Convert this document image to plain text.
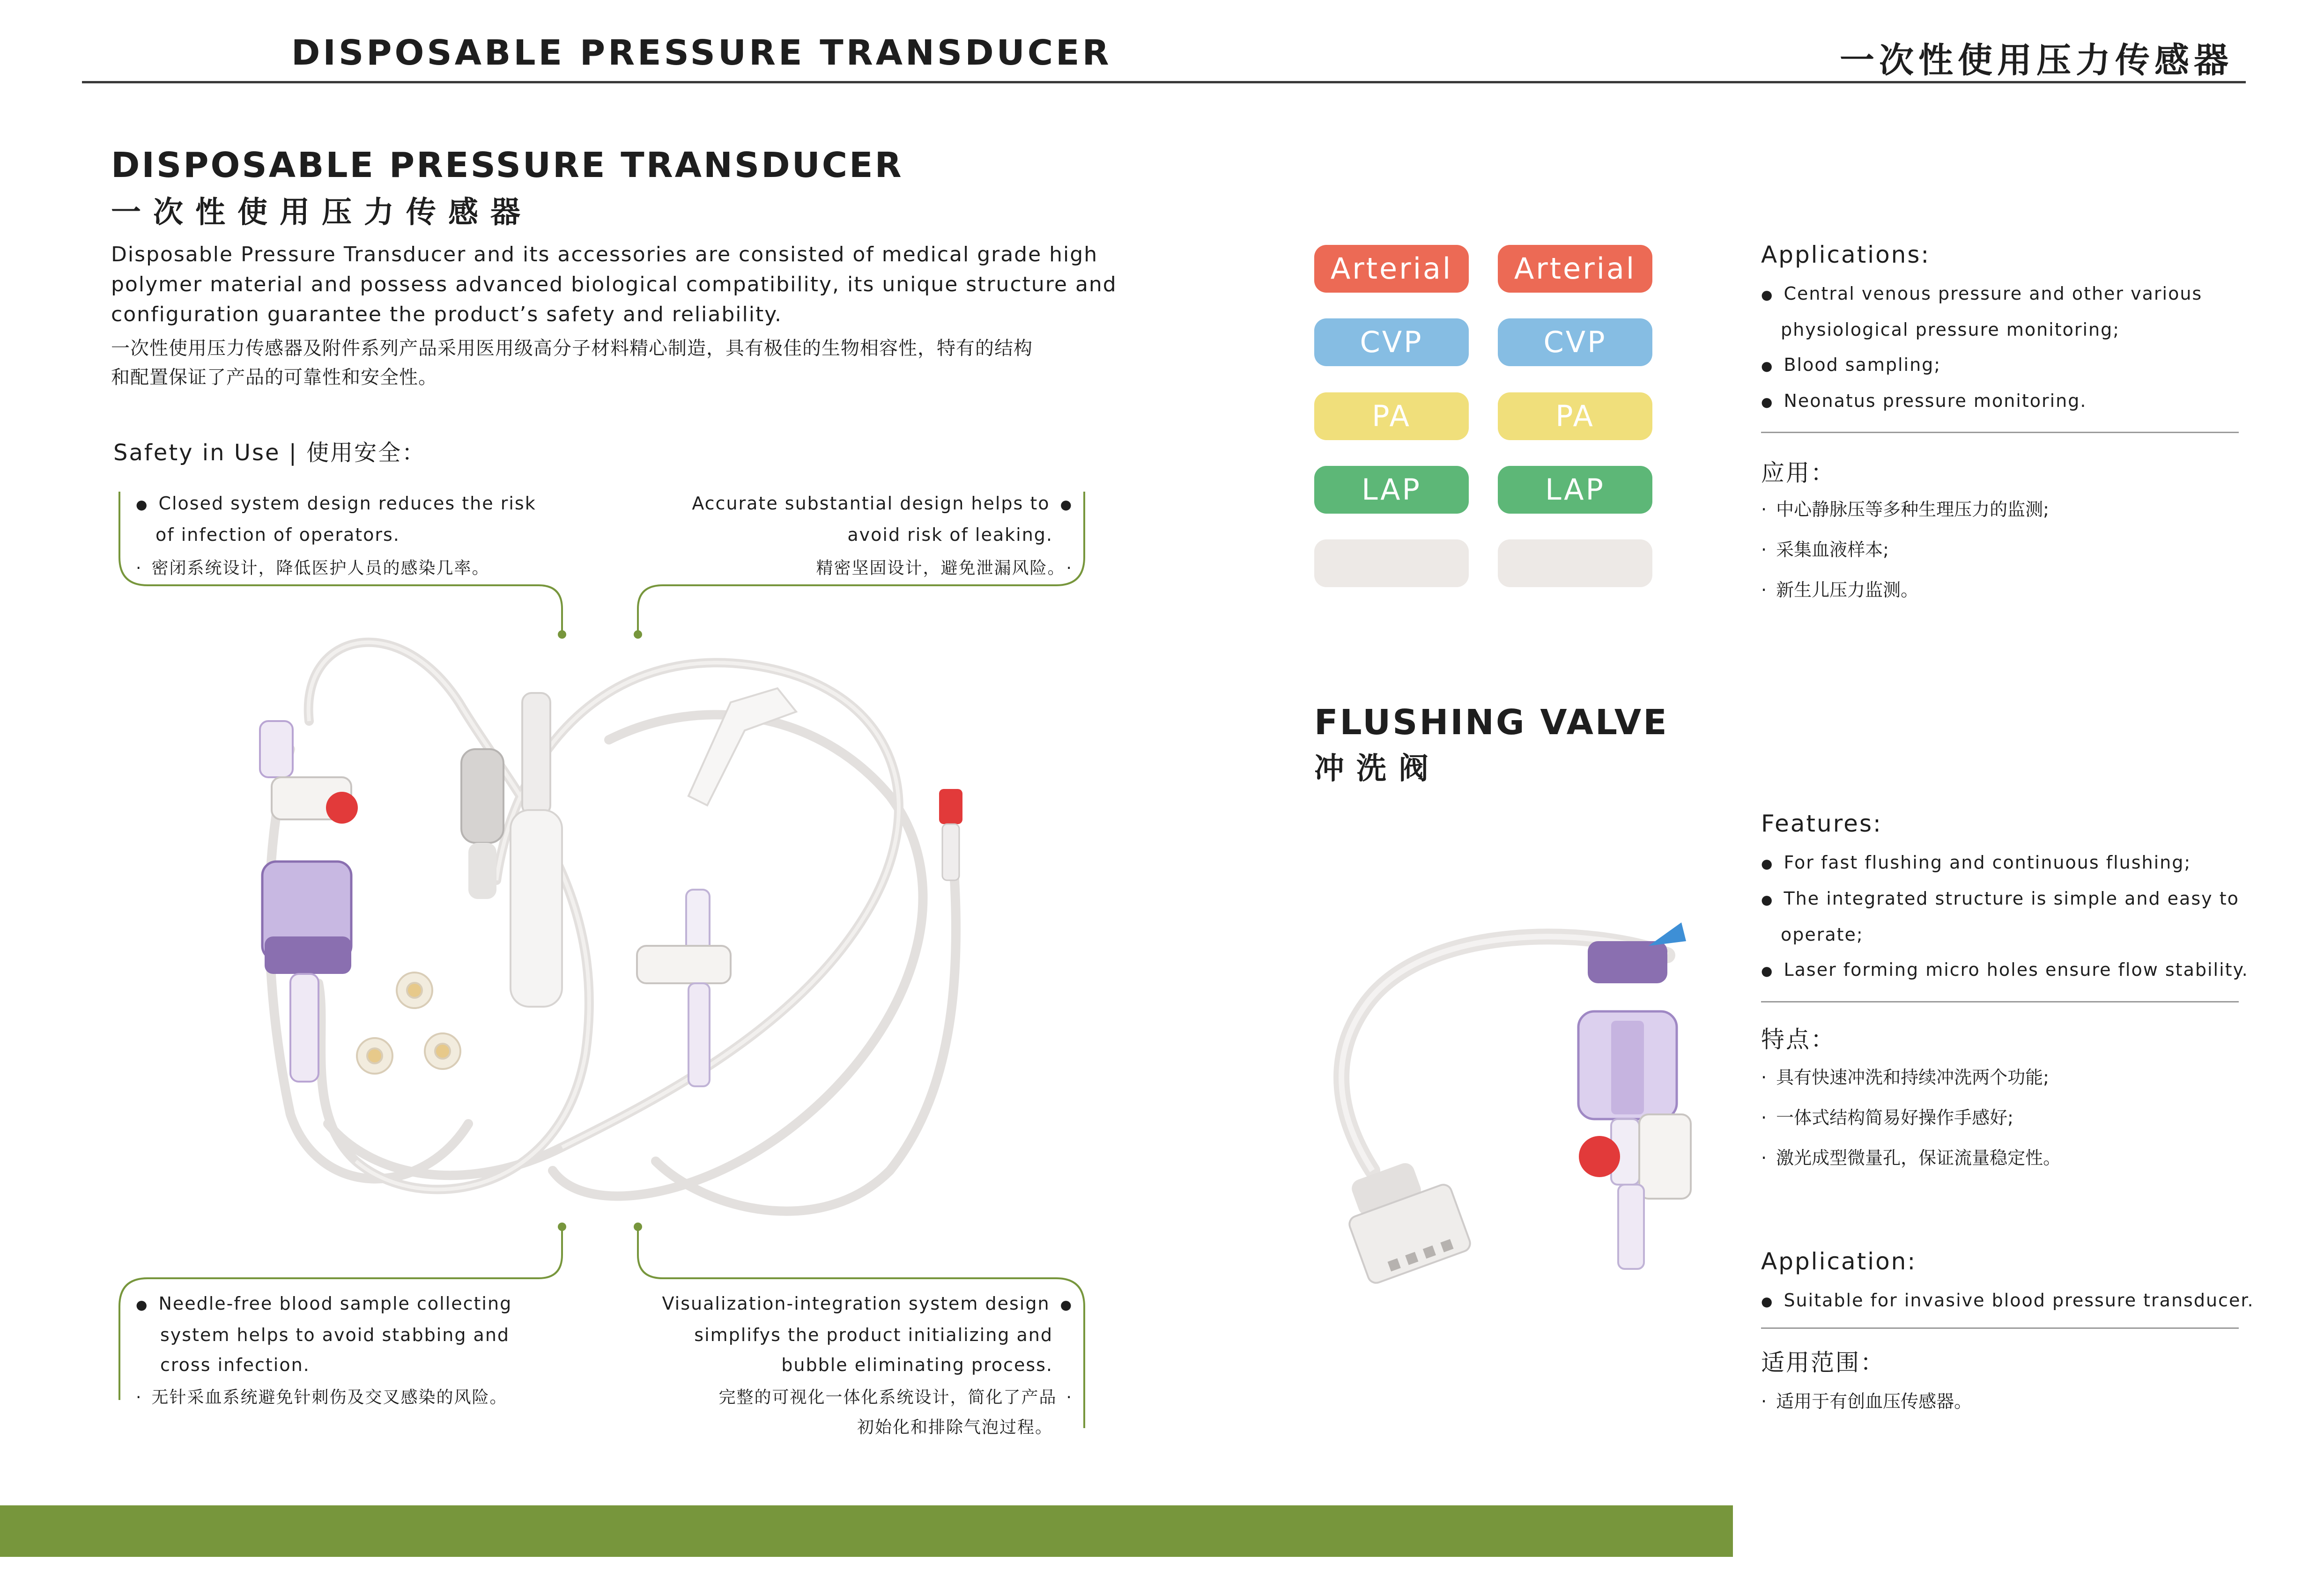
DISPOSABLE PRESSURE TRANSDUCER	一次性使用压力传感器
DISPOSABLE PRESSURE TRANSDUCER
一次性使用压力传感器
Disposable Pressure Transducer and its accessories are consisted of medical grade high
polymer material and possess advanced biological compatibility, its unique structure and
configuration guarantee the product’s safety and reliability.
一次性使用压力传感器及附件系列产品采用医用级高分子材料精心制造，具有极佳的生物相容性，特有的结构
和配置保证了产品的可靠性和安全性。
Safety in Use | 使用安全：
● Closed system design reduces the risk
of infection of operators.
· 密闭系统设计，降低医护人员的感染几率。
Accurate substantial design helps to ●
avoid risk of leaking.
精密坚固设计，避免泄漏风险。 ·
● Needle-free blood sample collecting
system helps to avoid stabbing and
cross infection.
· 无针采血系统避免针刺伤及交叉感染的风险。
Visualization-integration system design ●
simplifys the product initializing and
bubble eliminating process.
完整的可视化一体化系统设计，简化了产品 ·
初始化和排除气泡过程。
Arterial	Arterial
CVP	CVP
PA	PA
LAP	LAP
Applications:
● Central venous pressure and other various
physiological pressure monitoring;
● Blood sampling;
● Neonatus pressure monitoring.
应用：
· 中心静脉压等多种生理压力的监测;
· 采集血液样本;
· 新生儿压力监测。
FLUSHING VALVE
冲洗阀
Features:
● For fast flushing and continuous flushing;
● The integrated structure is simple and easy to
operate;
● Laser forming micro holes ensure flow stability.
特点：
· 具有快速冲洗和持续冲洗两个功能;
· 一体式结构简易好操作手感好;
· 激光成型微量孔，保证流量稳定性。
Application:
● Suitable for invasive blood pressure transducer.
适用范围：
· 适用于有创血压传感器。
